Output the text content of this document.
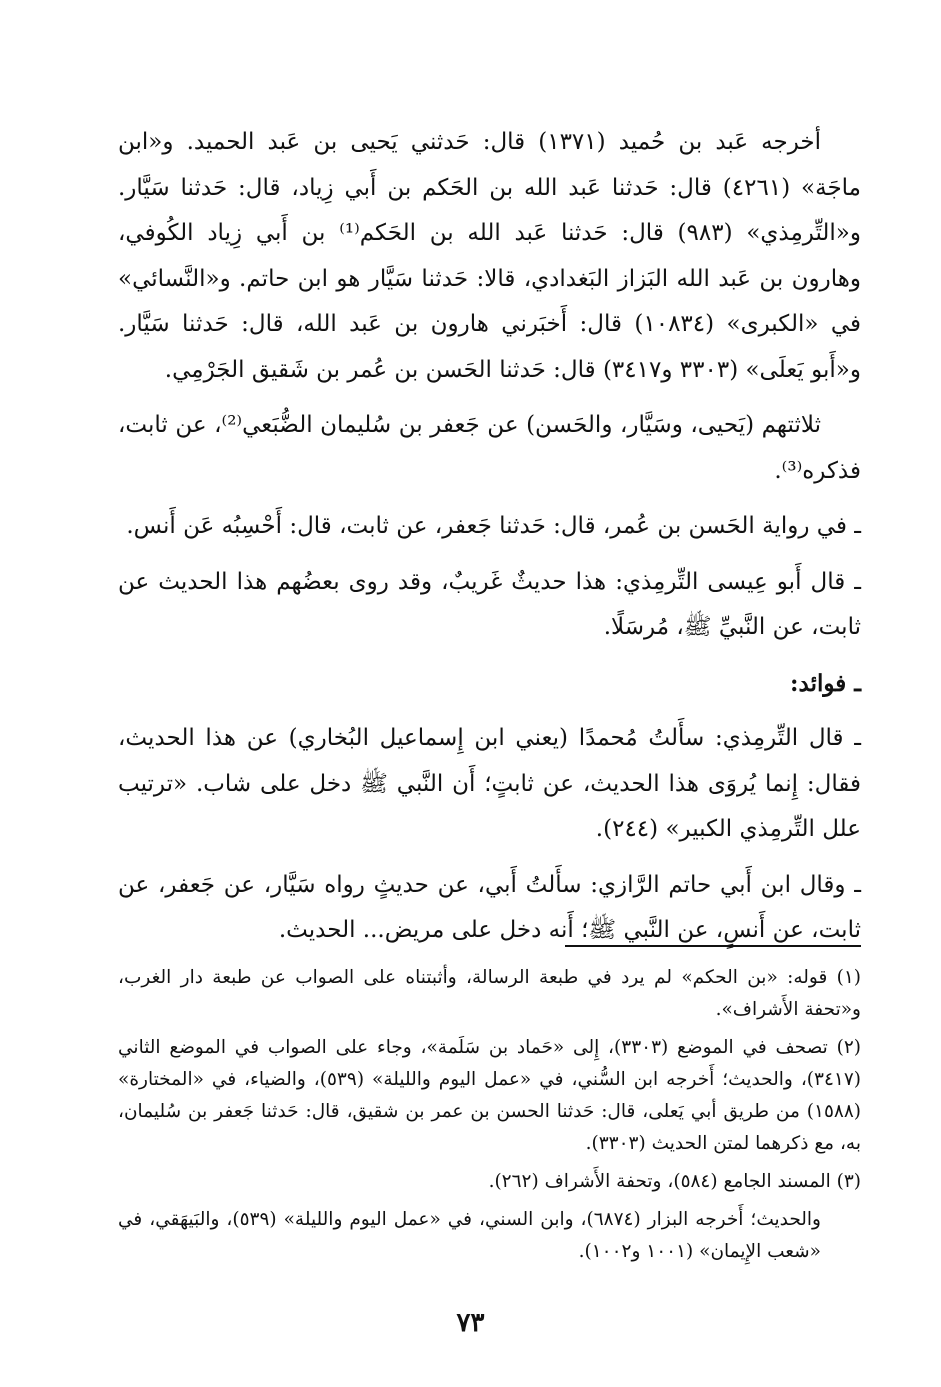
أخرجه عَبد بن حُميد (١٣٧١) قال: حَدثني يَحيى بن عَبد الحميد. و«ابن ماجَة» (٤٢٦١) قال: حَدثنا عَبد الله بن الحَكم بن أَبي زِياد، قال: حَدثنا سَيَّار. و«التِّرمِذي» (٩٨٣) قال: حَدثنا عَبد الله بن الحَكم⁽¹⁾ بن أَبي زِياد الكُوفي، وهارون بن عَبد الله البَزاز البَغدادي، قالا: حَدثنا سَيَّار هو ابن حاتم. و«النَّسائي» في «الكبرى» (١٠٨٣٤) قال: أَخبَرني هارون بن عَبد الله، قال: حَدثنا سَيَّار. و«أَبو يَعلَى» (٣٣٠٣ و٣٤١٧) قال: حَدثنا الحَسن بن عُمر بن شَقيق الجَرْمِي.

ثلاثتهم (يَحيى، وسَيَّار، والحَسن) عن جَعفر بن سُليمان الضُّبَعي⁽²⁾، عن ثابت، فذكره⁽³⁾.

ـ في رواية الحَسن بن عُمر، قال: حَدثنا جَعفر، عن ثابت، قال: أَحْسِبُه عَن أَنس.

ـ قال أَبو عِيسى التِّرمِذي: هذا حديثٌ غَريبٌ، وقد روى بعضُهم هذا الحديث عن ثابت، عن النَّبيِّ ﷺ، مُرسَلًا.

ـ فوائد:

ـ قال التِّرمِذي: سأَلتُ مُحمدًا (يعني ابن إِسماعيل البُخاري) عن هذا الحديث، فقال: إِنما يُروَى هذا الحديث، عن ثابتٍ؛ أَن النَّبي ﷺ دخل على شاب. «ترتيب علل التِّرمِذي الكبير» (٢٤٤).

ـ وقال ابن أَبي حاتم الرَّازي: سأَلتُ أَبي، عن حديثٍ رواه سَيَّار، عن جَعفر، عن ثابت، عن أَنسٍ، عن النَّبي ﷺ؛ أَنه دخل على مريض... الحديث.

(١) قوله: «بن الحكم» لم يرد في طبعة الرسالة، وأثبتناه على الصواب عن طبعة دار الغرب، و«تحفة الأَشراف».

(٢) تصحف في الموضع (٣٣٠٣)، إِلى «حَماد بن سَلَمة»، وجاء على الصواب في الموضع الثاني (٣٤١٧)، والحديث؛ أَخرجه ابن السُّني، في «عمل اليوم والليلة» (٥٣٩)، والضياء، في «المختارة» (١٥٨٨) من طريق أبي يَعلى، قال: حَدثنا الحسن بن عمر بن شقيق، قال: حَدثنا جَعفر بن سُليمان، به، مع ذكرهما لمتن الحديث (٣٣٠٣).

(٣) المسند الجامع (٥٨٤)، وتحفة الأَشراف (٢٦٢).

والحديث؛ أَخرجه البزار (٦٨٧٤)، وابن السني، في «عمل اليوم والليلة» (٥٣٩)، والبَيهَقي، في «شعب الإِيمان» (١٠٠١ و١٠٠٢).

٧٣
